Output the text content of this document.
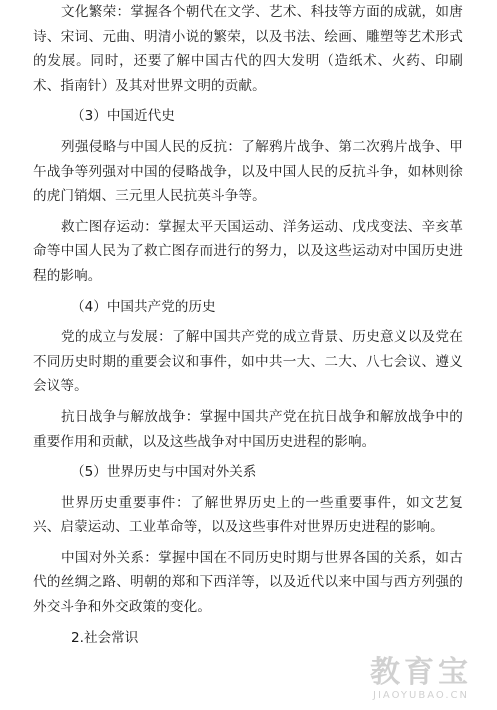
文化繁荣：掌握各个朝代在文学、艺术、科技等方面的成就，如唐诗、宋词、元曲、明清小说的繁荣，以及书法、绘画、雕塑等艺术形式的发展。同时，还要了解中国古代的四大发明（造纸术、火药、印刷术、指南针）及其对世界文明的贡献。

（3）中国近代史

列强侵略与中国人民的反抗：了解鸦片战争、第二次鸦片战争、甲午战争等列强对中国的侵略战争，以及中国人民的反抗斗争，如林则徐的虎门销烟、三元里人民抗英斗争等。

救亡图存运动：掌握太平天国运动、洋务运动、戊戌变法、辛亥革命等中国人民为了救亡图存而进行的努力，以及这些运动对中国历史进程的影响。

（4）中国共产党的历史

党的成立与发展：了解中国共产党的成立背景、历史意义以及党在不同历史时期的重要会议和事件，如中共一大、二大、八七会议、遵义会议等。

抗日战争与解放战争：掌握中国共产党在抗日战争和解放战争中的重要作用和贡献，以及这些战争对中国历史进程的影响。

（5）世界历史与中国对外关系

世界历史重要事件：了解世界历史上的一些重要事件，如文艺复兴、启蒙运动、工业革命等，以及这些事件对世界历史进程的影响。

中国对外关系：掌握中国在不同历史时期与世界各国的关系，如古代的丝绸之路、明朝的郑和下西洋等，以及近代以来中国与西方列强的外交斗争和外交政策的变化。

2.社会常识

教育宝
JIAOYUBAO.CN
